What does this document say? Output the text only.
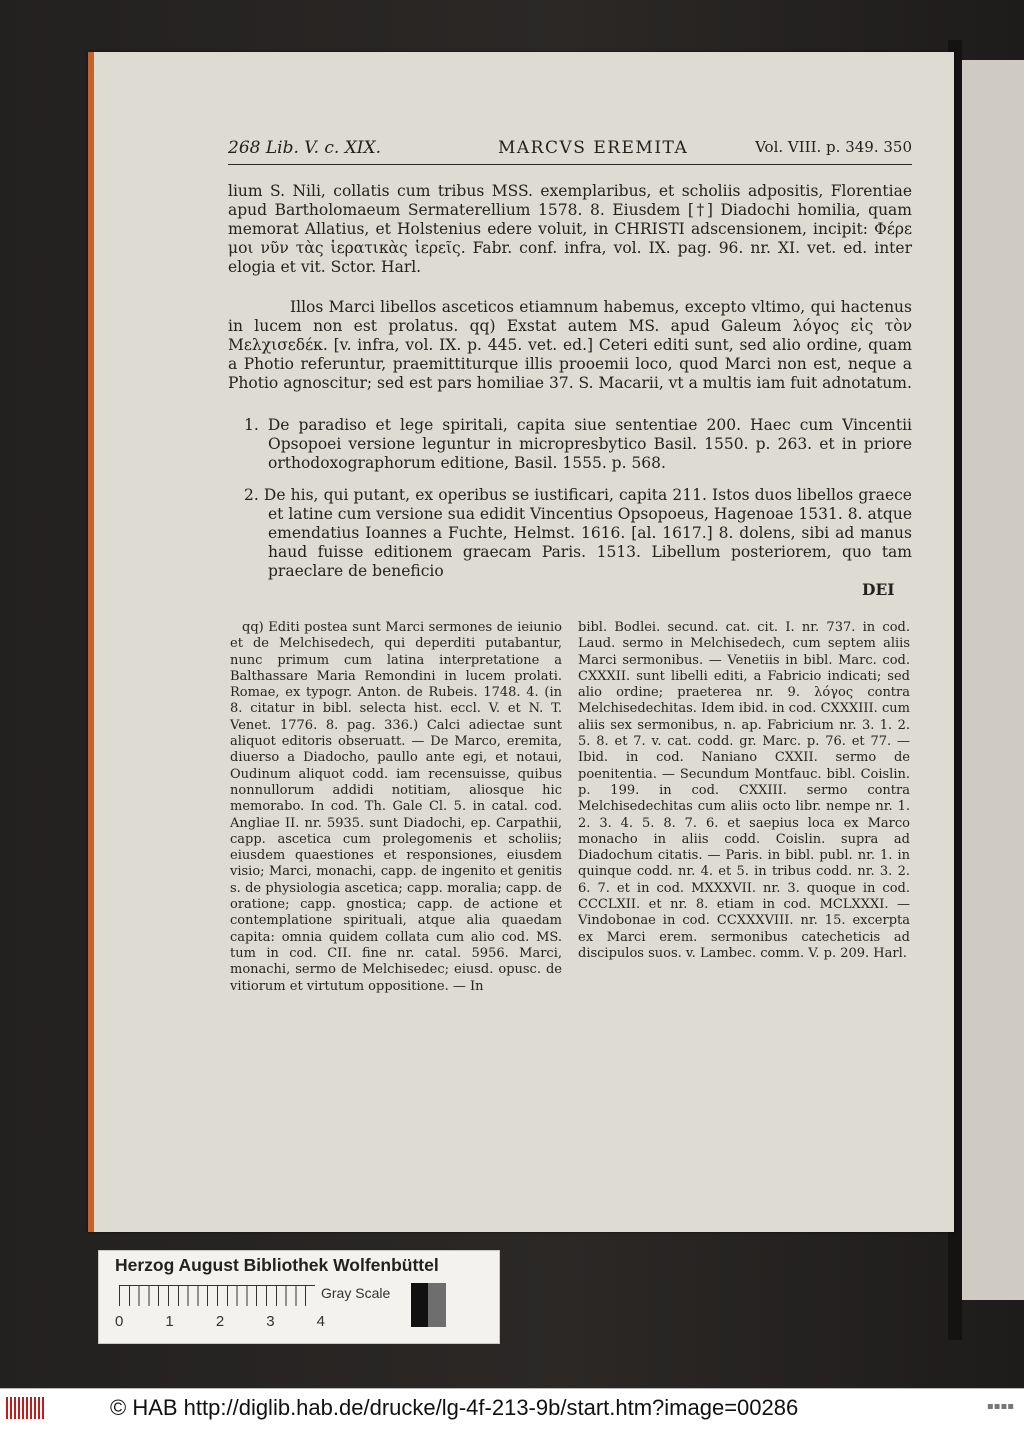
268 Lib. V. c. XIX.	MARCVS EREMITA	Vol. VIII. p. 349. 350
lium S. Nili, collatis cum tribus MSS. exemplaribus, et scholiis adpositis, Florentiae apud Bartholomaeum Sermaterellium 1578. 8. Eiusdem [†] Diadochi homilia, quam memorat Allatius, et Holstenius edere voluit, in CHRISTI adscensionem, incipit: Φέρε μοι νῦν τὰς ἱερατικὰς ἱερεῖς. Fabr. conf. infra, vol. IX. pag. 96. nr. XI. vet. ed. inter elogia et vit. Sctor. Harl.
Illos Marci libellos asceticos etiamnum habemus, excepto vltimo, qui hactenus in lucem non est prolatus. qq) Exstat autem MS. apud Galeum λόγος εἰς τὸν Μελχισεδέκ. [v. infra, vol. IX. p. 445. vet. ed.] Ceteri editi sunt, sed alio ordine, quam a Photio referuntur, praemittiturque illis prooemii loco, quod Marci non est, neque a Photio agnoscitur; sed est pars homiliae 37. S. Macarii, vt a multis iam fuit adnotatum.
1. De paradiso et lege spiritali, capita siue sententiae 200. Haec cum Vincentii Opsopoei versione leguntur in micropresbytico Basil. 1550. p. 263. et in priore orthodoxographorum editione, Basil. 1555. p. 568.
2. De his, qui putant, ex operibus se iustificari, capita 211. Istos duos libellos graece et latine cum versione sua edidit Vincentius Opsopoeus, Hagenoae 1531. 8. atque emendatius Ioannes a Fuchte, Helmst. 1616. [al. 1617.] 8. dolens, sibi ad manus haud fuisse editionem graecam Paris. 1513. Libellum posteriorem, quo tam praeclare de beneficio
DEI
qq) Editi postea sunt Marci sermones de ieiunio et de Melchisedech, qui deperditi putabantur, nunc primum cum latina interpretatione a Balthassare Maria Remondini in lucem prolati. Romae, ex typogr. Anton. de Rubeis. 1748. 4. (in 8. citatur in bibl. selecta hist. eccl. V. et N. T. Venet. 1776. 8. pag. 336.) Calci adiectae sunt aliquot editoris obseruatt. — De Marco, eremita, diuerso a Diadocho, paullo ante egi, et notaui, Oudinum aliquot codd. iam recensuisse, quibus nonnullorum addidi notitiam, aliosque hic memorabo. In cod. Th. Gale Cl. 5. in catal. cod. Angliae II. nr. 5935. sunt Diadochi, ep. Carpathii, capp. ascetica cum prolegomenis et scholiis; eiusdem quaestiones et responsiones, eiusdem visio; Marci, monachi, capp. de ingenito et genitis s. de physiologia ascetica; capp. moralia; capp. de oratione; capp. gnostica; capp. de actione et contemplatione spirituali, atque alia quaedam capita: omnia quidem collata cum alio cod. MS. tum in cod. CII. fine nr. catal. 5956. Marci, monachi, sermo de Melchisedec; eiusd. opusc. de vitiorum et virtutum oppositione. — In
bibl. Bodlei. secund. cat. cit. I. nr. 737. in cod. Laud. sermo in Melchisedech, cum septem aliis Marci sermonibus. — Venetiis in bibl. Marc. cod. CXXXII. sunt libelli editi, a Fabricio indicati; sed alio ordine; praeterea nr. 9. λόγος contra Melchisedechitas. Idem ibid. in cod. CXXXIII. cum aliis sex sermonibus, n. ap. Fabricium nr. 3. 1. 2. 5. 8. et 7. v. cat. codd. gr. Marc. p. 76. et 77. — Ibid. in cod. Naniano CXXII. sermo de poenitentia. — Secundum Montfauc. bibl. Coislin. p. 199. in cod. CXXIII. sermo contra Melchisedechitas cum aliis octo libr. nempe nr. 1. 2. 3. 4. 5. 8. 7. 6. et saepius loca ex Marco monacho in aliis codd. Coislin. supra ad Diadochum citatis. — Paris. in bibl. publ. nr. 1. in quinque codd. nr. 4. et 5. in tribus codd. nr. 3. 2. 6. 7. et in cod. MXXXVII. nr. 3. quoque in cod. CCCLXII. et nr. 8. etiam in cod. MCLXXXI. — Vindobonae in cod. CCXXXVIII. nr. 15. excerpta ex Marci erem. sermonibus catecheticis ad discipulos suos. v. Lambec. comm. V. p. 209. Harl.
Herzog August Bibliothek Wolfenbüttel
Gray Scale
0	1	2	3	4
© HAB http://diglib.hab.de/drucke/lg-4f-213-9b/start.htm?image=00286	▪▪▪▪
